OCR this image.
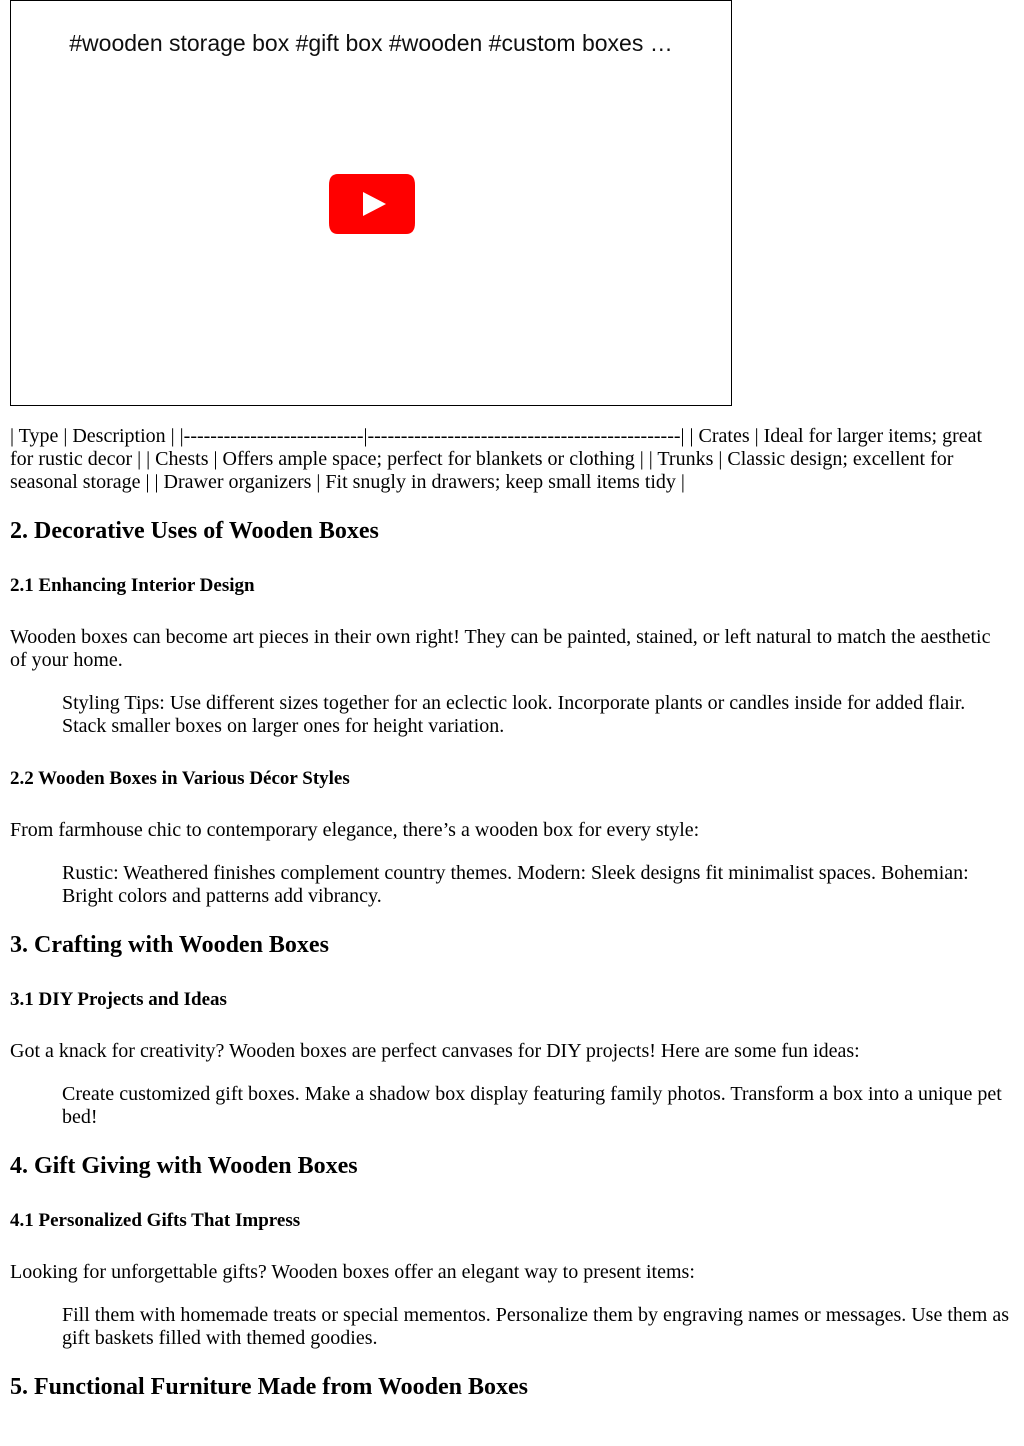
#wooden storage box #gift box #wooden #custom boxes …

| Type | Description | |---------------------------|-----------------------------------------------| | Crates | Ideal for larger items; great for rustic decor | | Chests | Offers ample space; perfect for blankets or clothing | | Trunks | Classic design; excellent for seasonal storage | | Drawer organizers | Fit snugly in drawers; keep small items tidy |

2. Decorative Uses of Wooden Boxes
2.1 Enhancing Interior Design

Wooden boxes can become art pieces in their own right! They can be painted, stained, or left natural to match the aesthetic of your home.

Styling Tips: Use different sizes together for an eclectic look. Incorporate plants or candles inside for added flair. Stack smaller boxes on larger ones for height variation.
2.2 Wooden Boxes in Various Décor Styles

From farmhouse chic to contemporary elegance, there’s a wooden box for every style:

Rustic: Weathered finishes complement country themes. Modern: Sleek designs fit minimalist spaces. Bohemian: Bright colors and patterns add vibrancy.
3. Crafting with Wooden Boxes
3.1 DIY Projects and Ideas

Got a knack for creativity? Wooden boxes are perfect canvases for DIY projects! Here are some fun ideas:

Create customized gift boxes. Make a shadow box display featuring family photos. Transform a box into a unique pet bed!
4. Gift Giving with Wooden Boxes
4.1 Personalized Gifts That Impress

Looking for unforgettable gifts? Wooden boxes offer an elegant way to present items:

Fill them with homemade treats or special mementos. Personalize them by engraving names or messages. Use them as gift baskets filled with themed goodies.
5. Functional Furniture Made from Wooden Boxes
